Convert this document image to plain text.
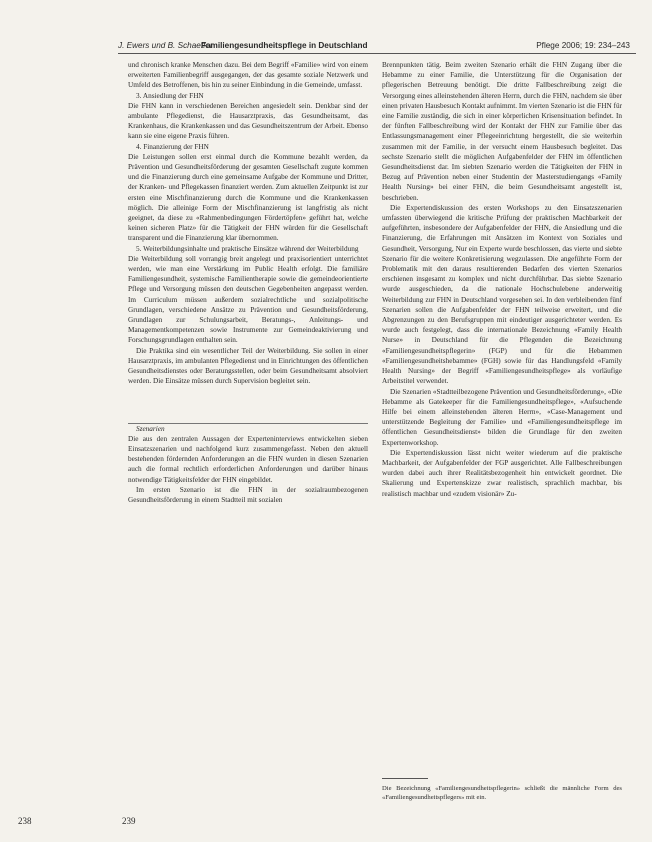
J. Ewers und B. Schaeffer
Familiengesundheitspflege in Deutschland	Pflege 2006; 19: 234–243

und chronisch kranke Menschen dazu. Bei dem Begriff «Familie» wird von einem erweiterten Familienbegriff ausgegangen, der das gesamte soziale Netzwerk und Umfeld des Betroffenen, bis hin zu seiner Einbindung in die Gemeinde, umfasst.

3. Ansiedlung der FHN

Die FHN kann in verschiedenen Bereichen angesiedelt sein. Denkbar sind der ambulante Pflegedienst, die Hausarztpraxis, das Gesundheitsamt, das Krankenhaus, die Krankenkassen und das Gesundheitszentrum der Arbeit. Ebenso kann sie eine eigene Praxis führen.

4. Finanzierung der FHN

Die Leistungen sollen erst einmal durch die Kommune bezahlt werden, da Prävention und Gesundheitsförderung der gesamten Gesellschaft zugute kommen und die Finanzierung durch eine gemeinsame Aufgabe der Kommune und Dritter, der Kranken- und Pflegekassen finanziert werden. Zum aktuellen Zeitpunkt ist zur ersten eine Mischfinanzierung durch die Kommune und die Krankenkassen möglich. Die alleinige Form der Mischfinanzierung ist langfristig als nicht geeignet, da diese zu «Rahmenbedingungen Fördertöpfen» geführt hat, welche keinen sicheren Platz» für die Tätigkeit der FHN würden für die Gesellschaft transparent und die Finanzierung klar übernommen.

5. Weiterbildungsinhalte und praktische Einsätze während der Weiterbildung

Die Weiterbildung soll vorrangig breit angelegt und praxisorientiert unterrichtet werden, wie man eine Verstärkung im Public Health erfolgt. Die familiäre Familiengesundheit, systemische Familientherapie sowie die gemeindeorientierte Pflege und Versorgung müssen den deutschen Gegebenheiten angepasst werden. Im Curriculum müssen außerdem sozialrechtliche und sozialpolitische Grundlagen, verschiedene Ansätze zu Prävention und Gesundheitsförderung, Grundlagen zur Schulungsarbeit, Beratungs-, Anleitungs- und Managementkompetenzen sowie Instrumente zur Gemeindeaktivierung und Forschungsgrundlagen enthalten sein.

Die Praktika sind ein wesentlicher Teil der Weiterbildung. Sie sollen in einer Hausarztpraxis, im ambulanten Pflegedienst und in Einrichtungen des öffentlichen Gesundheitsdienstes oder Beratungsstellen, oder beim Gesundheitsamt absolviert werden. Die Einsätze müssen durch Supervision begleitet sein.

Szenarien

Die aus den zentralen Aussagen der Experteninterviews entwickelten sieben Einsatzszenarien und nachfolgend kurz zusammengefasst. Neben den aktuell bestehenden fördernden Anforderungen an die FHN wurden in diesen Szenarien auch die formal rechtlich erforderlichen Anforderungen und darüber hinaus notwendige Tätigkeitsfelder der FHN eingebildet.

Im ersten Szenario ist die FHN in der sozialraumbezogenen Gesundheitsförderung in einem Stadtteil mit sozialen

Brennpunkten tätig. Beim zweiten Szenario erhält die FHN Zugang über die Hebamme zu einer Familie, die Unterstützung für die Organisation der pflegerischen Betreuung benötigt. Die dritte Fallbeschreibung zeigt die Versorgung eines alleinstehenden älteren Herrn, durch die FHN, nachdem sie über einen privaten Hausbesuch Kontakt aufnimmt. Im vierten Szenario ist die FHN für eine Familie zuständig, die sich in einer körperlichen Krisensituation befindet. In der fünften Fallbeschreibung wird der Kontakt der FHN zur Familie über das Entlassungsmanagement einer Pflegeeinrichtung hergestellt, die sie weiterhin zusammen mit der Familie, in der versucht einem Hausbesuch begleitet. Das sechste Szenario stellt die möglichen Aufgabenfelder der FHN im öffentlichen Gesundheitsdienst dar. Im siebten Szenario werden die Tätigkeiten der FHN in Bezug auf Prävention neben einer Studentin der Masterstudiengangs «Family Health Nursing» bei einer FHN, die beim Gesundheitsamt angestellt ist, beschrieben.

Die Expertendiskussion des ersten Workshops zu den Einsatzszenarien umfassten überwiegend die kritische Prüfung der praktischen Machbarkeit der aufgeführten, insbesondere der Aufgabenfelder der FHN, die Ansiedlung und die Finanzierung, die Erfahrungen mit Ansätzen im Kontext von Soziales und Gesundheit, Versorgung, Nur ein Experte wurde beschlossen, das vierte und siebte Szenario für die weitere Konkretisierung wegzulassen. Die angeführte Form der Problematik mit den daraus resultierenden Bedarfen des vierten Szenarios erschienen insgesamt zu komplex und nicht durchführbar. Das siebte Szenario wurde ausgeschieden, da die nationale Hochschulebene anderweitig Weiterbildung zur FHN in Deutschland vorgesehen sei. In den verbleibenden fünf Szenarien sollen die Aufgabenfelder der FHN teilweise erweitert, und die Abgrenzungen zu den Berufsgruppen mit eindeutiger ausgerichteter werden. Es wurde auch festgelegt, dass die internationale Bezeichnung «Family Health Nurse» in Deutschland für die Pflegenden die Bezeichnung «Familiengesundheitspflegerin» (FGP) und für die Hebammen «Familiengesundheitshebamme» (FGH) sowie für das Handlungsfeld «Family Health Nursing» der Begriff «Familiengesundheitspflege» als vorläufige Arbeitstitel verwendet.

Die Szenarien «Stadtteilbezogene Prävention und Gesundheitsförderung», «Die Hebamme als Gatekeeper für die Familiengesundheitspflege», «Aufsuchende Hilfe bei einem alleinstehenden älteren Herrn», «Case-Management und unterstützende Begleitung der Familie» und «Familiengesundheitspflege im öffentlichen Gesundheitsdienst» bilden die Grundlage für den zweiten Expertenworkshop.

Die Expertendiskussion lässt nicht weiter wiederum auf die praktische Machbarkeit, der Aufgabenfelder der FGP ausgerichtet. Alle Fallbeschreibungen wurden dabei auch ihrer Realitätsbezogenheit hin entwickelt geordnet. Die Skalierung und Expertenskizze zwar realistisch, sprachlich machbar, bis realistisch machbar und «zudem visionär» Zu-

Die Bezeichnung «Familiengesundheitspflegerin» schließt die männliche Form des «Familiengesundheitspflegers» mit ein.
238	239
